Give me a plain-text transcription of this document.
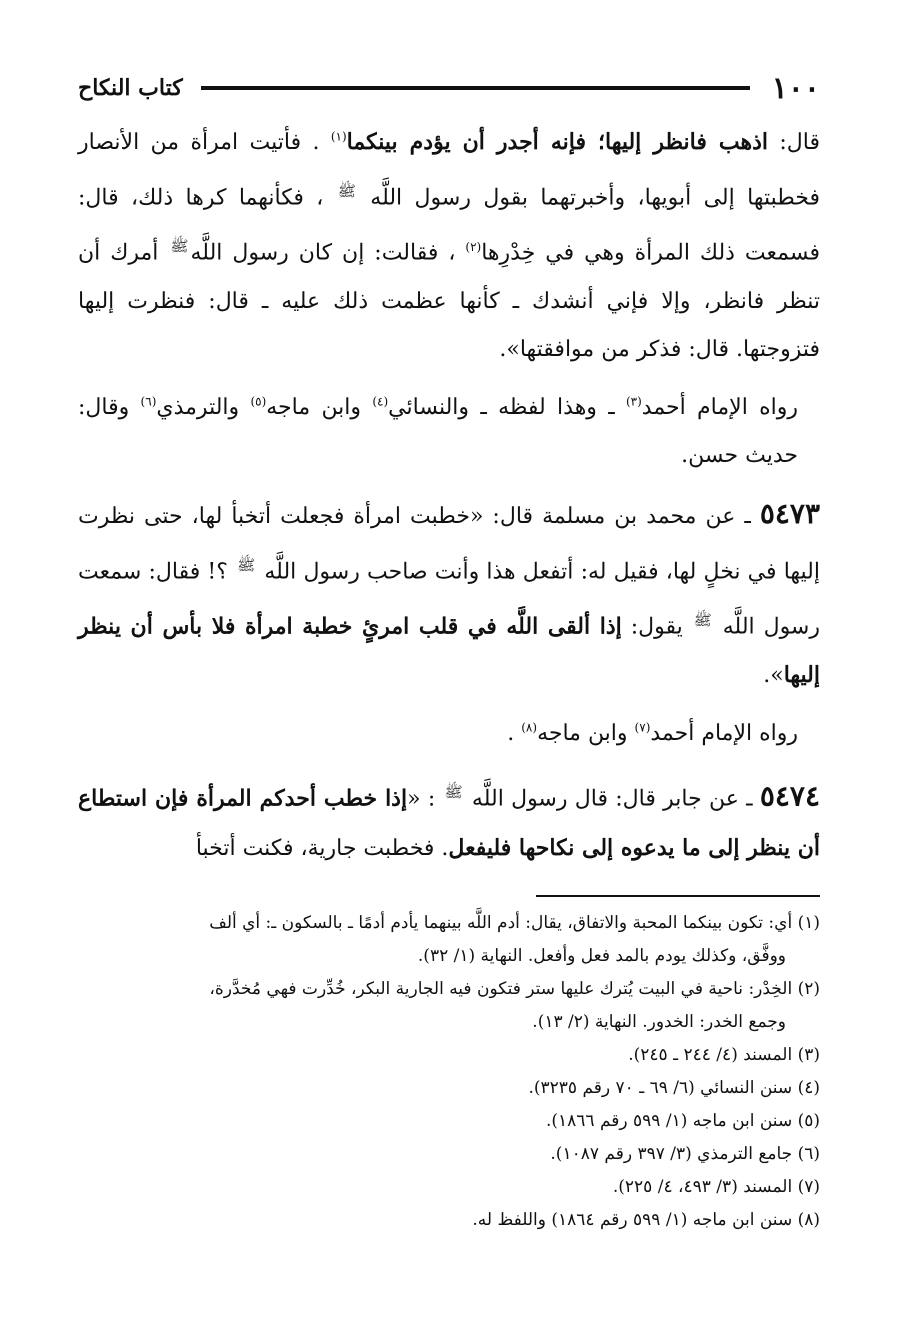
١٠٠
كتاب النكاح

قال: اذهب فانظر إليها؛ فإنه أجدر أن يؤدم بينكما$^{(١)}$ . فأتيت امرأة من الأنصار فخطبتها إلى أبويها، وأخبرتهما بقول رسول اللَّه $^ﷺ$ ، فكأنهما كرها ذلك، قال: فسمعت ذلك المرأة وهي في خِدْرِها$^{(٢)}$ ، فقالت: إن كان رسول اللَّه$^ﷺ$ أمرك أن تنظر فانظر، وإلا فإني أنشدك ـ كأنها عظمت ذلك عليه ـ قال: فنظرت إليها فتزوجتها. قال: فذكر من موافقتها».

رواه الإمام أحمد$^{(٣)}$ ـ وهذا لفظه ـ والنسائي$^{(٤)}$ وابن ماجه$^{(٥)}$ والترمذي$^{(٦)}$ وقال: حديث حسن.

٥٤٧٣ ـ عن محمد بن مسلمة قال: «خطبت امرأة فجعلت أتخبأ لها، حتى نظرت إليها في نخلٍ لها، فقيل له: أتفعل هذا وأنت صاحب رسول اللَّه $^ﷺ$ ؟! فقال: سمعت رسول اللَّه $^ﷺ$ يقول: إذا ألقى اللَّه في قلب امرئٍ خطبة امرأة فلا بأس أن ينظر إليها».

رواه الإمام أحمد$^{(٧)}$ وابن ماجه$^{(٨)}$ .

٥٤٧٤ ـ عن جابر قال: قال رسول اللَّه $^ﷺ$ : «إذا خطب أحدكم المرأة فإن استطاع أن ينظر إلى ما يدعوه إلى نكاحها فليفعل. فخطبت جارية، فكنت أتخبأ

(١) أي: تكون بينكما المحبة والاتفاق، يقال: أدم اللَّه بينهما يأدم أدمًا ـ بالسكون ـ: أي ألف
ووفَّق، وكذلك يودم بالمد فعل وأفعل. النهاية (١/ ٣٢).

(٢) الخِدْر: ناحية في البيت يُترك عليها ستر فتكون فيه الجارية البكر، خُدِّرت فهي مُخدَّرة،
وجمع الخدر: الخدور. النهاية (٢/ ١٣).

(٣) المسند (٤/ ٢٤٤ ـ ٢٤٥).

(٤) سنن النسائي (٦/ ٦٩ ـ ٧٠ رقم ٣٢٣٥).

(٥) سنن ابن ماجه (١/ ٥٩٩ رقم ١٨٦٦).

(٦) جامع الترمذي (٣/ ٣٩٧ رقم ١٠٨٧).

(٧) المسند (٣/ ٤٩٣، ٤/ ٢٢٥).

(٨) سنن ابن ماجه (١/ ٥٩٩ رقم ١٨٦٤) واللفظ له.
